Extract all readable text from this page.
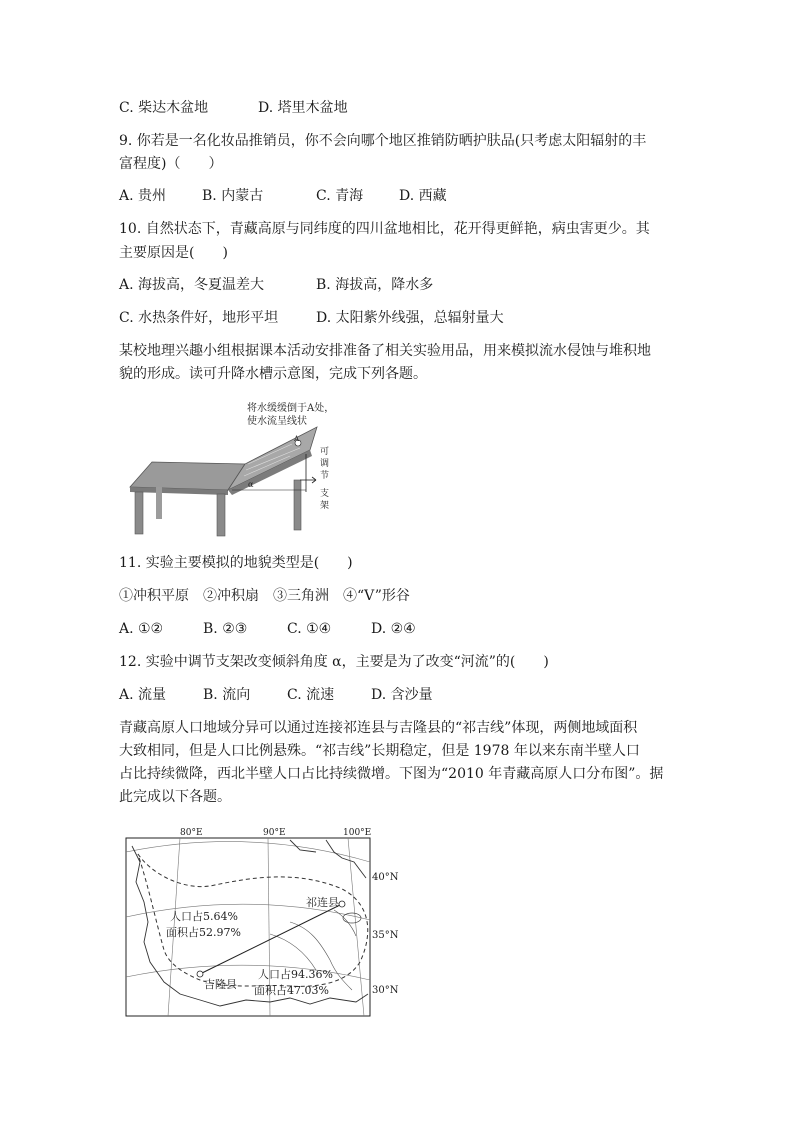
C. 柴达木盆地	D. 塔里木盆地
9. 你若是一名化妆品推销员，你不会向哪个地区推销防晒护肤品(只考虑太阳辐射的丰
富程度)（　　）
A. 贵州	B. 内蒙古	C. 青海	D. 西藏
10. 自然状态下，青藏高原与同纬度的四川盆地相比，花开得更鲜艳，病虫害更少。其
主要原因是(　　)
A. 海拔高，冬夏温差大	B. 海拔高，降水多
C. 水热条件好，地形平坦	D. 太阳紫外线强，总辐射量大
某校地理兴趣小组根据课本活动安排准备了相关实验用品，用来模拟流水侵蚀与堆积地
貌的形成。读可升降水槽示意图，完成下列各题。
将水缓缓倒于A处，
使水流呈线状
A
α
可
调
节
支
架
11. 实验主要模拟的地貌类型是(　　)
①冲积平原　②冲积扇　③三角洲　④“V”形谷
A. ①②	B. ②③	C. ①④	D. ②④
12. 实验中调节支架改变倾斜角度 α，主要是为了改变“河流”的(　　)
A. 流量	B. 流向	C. 流速	D. 含沙量
青藏高原人口地域分异可以通过连接祁连县与吉隆县的“祁吉线”体现，两侧地域面积
大致相同，但是人口比例悬殊。“祁吉线”长期稳定，但是 1978 年以来东南半壁人口
占比持续微降，西北半壁人口占比持续微增。下图为“2010 年青藏高原人口分布图”。据
此完成以下各题。
80°E	90°E	100°E
祁连县
吉隆县
人口占5.64%
面积占52.97%
人口占94.36%
面积占47.03%
40°N
35°N
30°N
